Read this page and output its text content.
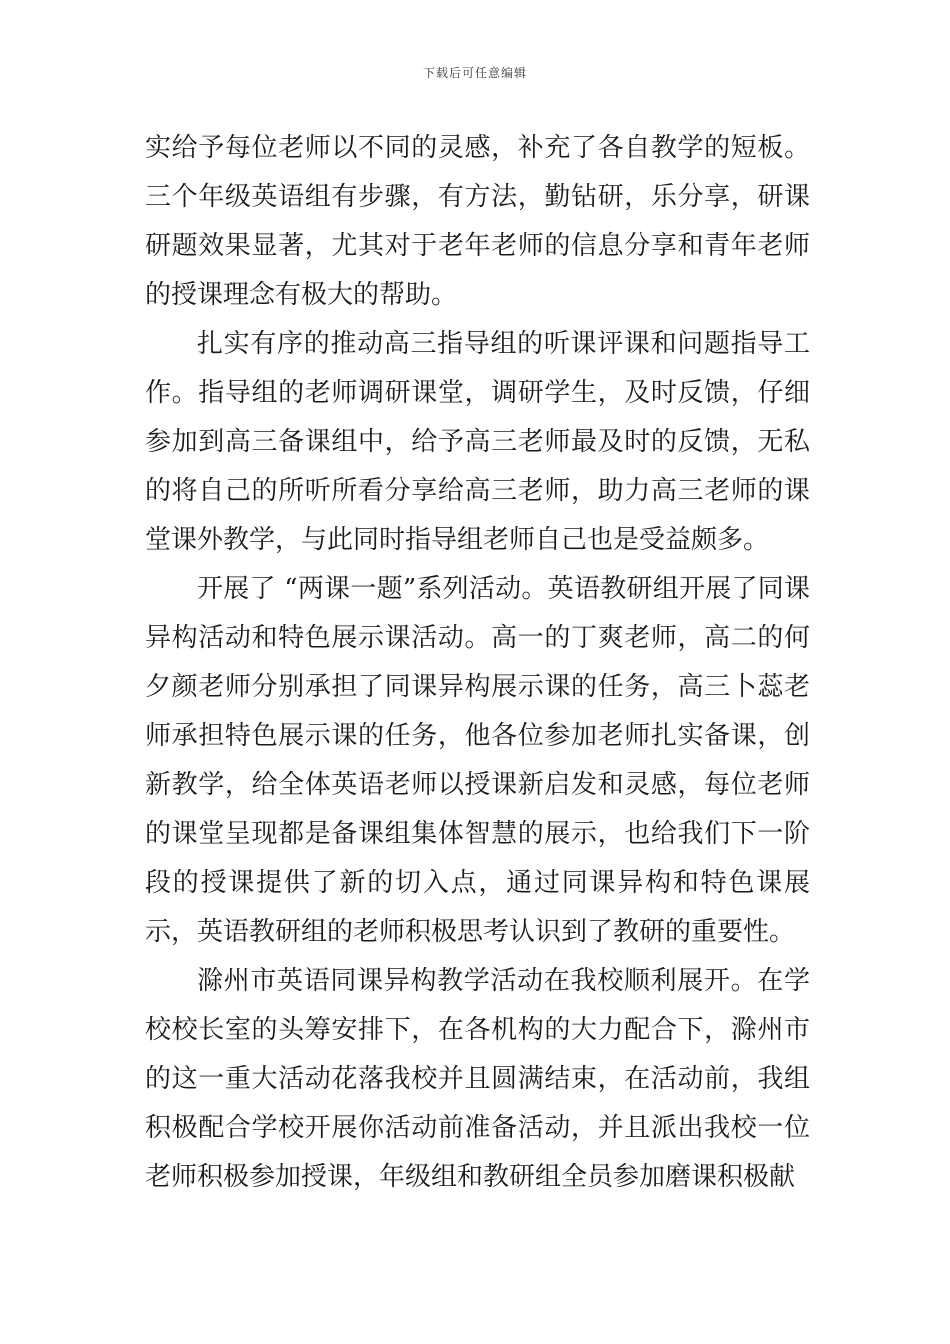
下载后可任意编辑

实给予每位老师以不同的灵感，补充了各自教学的短板。三个年级英语组有步骤，有方法，勤钻研，乐分享，研课研题效果显著，尤其对于老年老师的信息分享和青年老师的授课理念有极大的帮助。

扎实有序的推动高三指导组的听课评课和问题指导工作。指导组的老师调研课堂，调研学生，及时反馈，仔细参加到高三备课组中，给予高三老师最及时的反馈，无私的将自己的所听所看分享给高三老师，助力高三老师的课堂课外教学，与此同时指导组老师自己也是受益颇多。

开展了 “两课一题”系列活动。英语教研组开展了同课异构活动和特色展示课活动。高一的丁爽老师，高二的何夕颜老师分别承担了同课异构展示课的任务，高三卜蕊老师承担特色展示课的任务，他各位参加老师扎实备课，创新教学，给全体英语老师以授课新启发和灵感，每位老师的课堂呈现都是备课组集体智慧的展示，也给我们下一阶段的授课提供了新的切入点，通过同课异构和特色课展示，英语教研组的老师积极思考认识到了教研的重要性。

滁州市英语同课异构教学活动在我校顺利展开。在学校校长室的头筹安排下，在各机构的大力配合下，滁州市的这一重大活动花落我校并且圆满结束，在活动前，我组积极配合学校开展你活动前准备活动，并且派出我校一位老师积极参加授课，年级组和教研组全员参加磨课积极献
